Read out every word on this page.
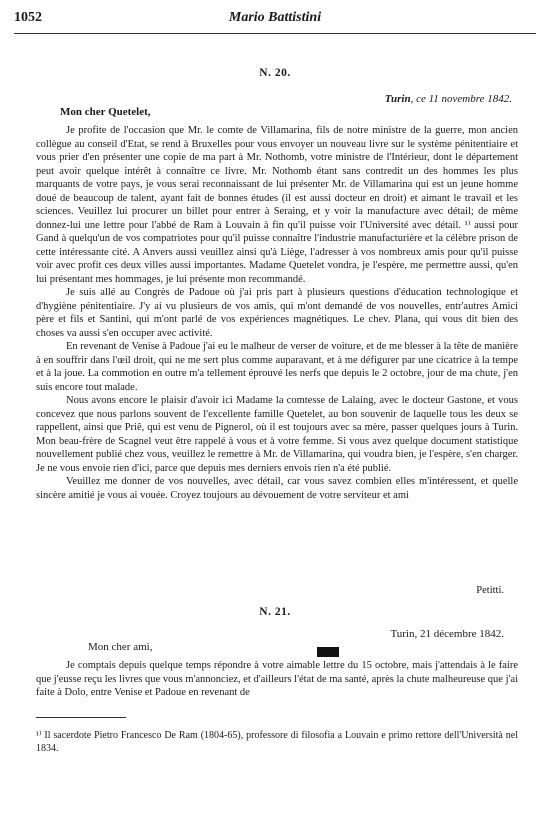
1052	Mario Battistini
N. 20.
Turin, ce 11 novembre 1842.
Mon cher Quetelet,

Je profite de l'occasion que Mr. le comte de Villamarina, fils de notre ministre de la guerre, mon ancien collègue au conseil d'Etat, se rend à Bruxelles pour vous envoyer un nouveau livre sur le système pénitentiaire et vous prier d'en présenter une copie de ma part à Mr. Nothomb, votre ministre de l'Intérieur, dont le département peut avoir quelque intérêt à connaître ce livre. Mr. Nothomb étant sans contredit un des hommes les plus marquants de votre pays, je vous serai reconnaissant de lui présenter Mr. de Villamarina qui est un jeune homme doué de beaucoup de talent, ayant fait de bonnes études (il est aussi docteur en droit) et aimant le travail et les sciences. Veuillez lui procurer un billet pour entrer à Seraing, et y voir la manufacture avec détail; de même donnez-lui une lettre pour l'abbé de Ram à Louvain à fin qu'il puisse voir l'Université avec détail. ¹⁾ aussi pour Gand à quelqu'un de vos compatriotes pour qu'il puisse connaître l'industrie manufacturière et la célèbre prison de cette intéressante cité. A Anvers aussi veuillez ainsi qu'à Liège, l'adresser à vos nombreux amis pour qu'il puisse voir avec profit ces deux villes aussi importantes. Madame Quetelet vondra, je l'espère, me permettre aussi, qu'en lui présentant mes hommages, je lui présente mon recommandé.

Je suis allé au Congrès de Padoue où j'ai pris part à plusieurs questions d'éducation technologique et d'hygiène pénitentiaire. J'y ai vu plusieurs de vos amis, qui m'ont demandé de vos nouvelles, entr'autres Amici père et fils et Santini, qui m'ont parlé de vos expériences magnétiques. Le chev. Plana, qui vous dit bien des choses va aussi s'en occuper avec activité.

En revenant de Venise à Padoue j'ai eu le malheur de verser de voiture, et de me blesser à la tête de manière à en souffrir dans l'œil droit, qui ne me sert plus comme auparavant, et à me défigurer par une cicatrice à la tempe et à la joue. La commotion en outre m'a tellement éprouvé les nerfs que depuis le 2 octobre, jour de ma chute, j'en suis encore tout malade.

Nous avons encore le plaisir d'avoir ici Madame la comtesse de Lalaing, avec le docteur Gastone, et vous concevez que nous parlons souvent de l'excellente famille Quetelet, au bon souvenir de laquelle tous les deux se rappellent, ainsi que Priê, qui est venu de Pignerol, où il est toujours avec sa mère, passer quelques jours à Turin. Mon beau-frère de Scagnel veut être rappelé à vous et à votre femme. Si vous avez quelque document statistique nouvellement publié chez vous, veuillez le remettre à Mr. de Villamarina, qui voudra bien, je l'espère, s'en charger. Je ne vous envoie rien d'ici, parce que depuis mes derniers envois rien n'a été publié.

Veuillez me donner de vos nouvelles, avec détail, car vous savez combien elles m'intéressent, et quelle sincère amitié je vous ai vouée. Croyez toujours au dévouement de votre serviteur et ami

Petitti.
N. 21.
Turin, 21 décembre 1842.
Mon cher ami,

Je comptais depuis quelque temps répondre à votre aimable lettre du 15 octobre, mais j'attendais à le faire que j'eusse reçu les livres que vous m'annonciez, et d'ailleurs l'état de ma santé, après la chute malheureuse que j'ai faite à Dolo, entre Venise et Padoue en revenant de

¹⁾ Il sacerdote Pietro Francesco De Ram (1804-65), professore di filosofia a Louvain e primo rettore dell'Università nel 1834.
